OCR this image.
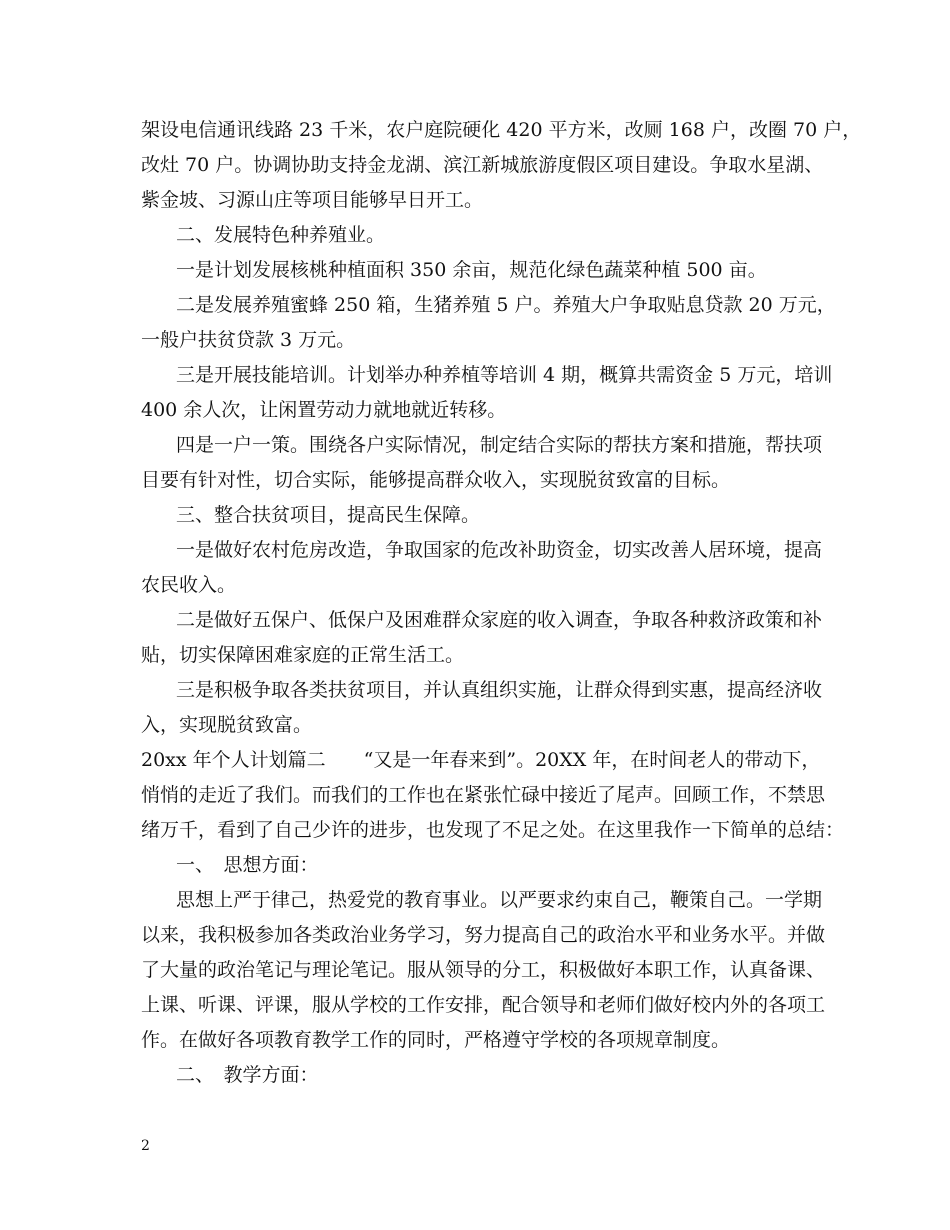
架设电信通讯线路 23 千米，农户庭院硬化 420 平方米，改厕 168 户，改圈 70 户，
改灶 70 户。协调协助支持金龙湖、滨江新城旅游度假区项目建设。争取水星湖、
紫金坡、习源山庄等项目能够早日开工。
二、发展特色种养殖业。
一是计划发展核桃种植面积 350 余亩，规范化绿色蔬菜种植 500 亩。
二是发展养殖蜜蜂 250 箱，生猪养殖 5 户。养殖大户争取贴息贷款 20 万元，
一般户扶贫贷款 3 万元。
三是开展技能培训。计划举办种养植等培训 4 期，概算共需资金 5 万元，培训
400 余人次，让闲置劳动力就地就近转移。
四是一户一策。围绕各户实际情况，制定结合实际的帮扶方案和措施，帮扶项
目要有针对性，切合实际，能够提高群众收入，实现脱贫致富的目标。
三、整合扶贫项目，提高民生保障。
一是做好农村危房改造，争取国家的危改补助资金，切实改善人居环境，提高
农民收入。
二是做好五保户、低保户及困难群众家庭的收入调查，争取各种救济政策和补
贴，切实保障困难家庭的正常生活工。
三是积极争取各类扶贫项目，并认真组织实施，让群众得到实惠，提高经济收
入，实现脱贫致富。
20xx 年个人计划篇二　　“又是一年春来到”。20XX 年，在时间老人的带动下，
悄悄的走近了我们。而我们的工作也在紧张忙碌中接近了尾声。回顾工作，不禁思
绪万千，看到了自己少许的进步，也发现了不足之处。在这里我作一下简单的总结：
一、　思想方面：
思想上严于律己，热爱党的教育事业。以严要求约束自己，鞭策自己。一学期
以来，我积极参加各类政治业务学习，努力提高自己的政治水平和业务水平。并做
了大量的政治笔记与理论笔记。服从领导的分工，积极做好本职工作，认真备课、
上课、听课、评课，服从学校的工作安排，配合领导和老师们做好校内外的各项工
作。在做好各项教育教学工作的同时，严格遵守学校的各项规章制度。
二、　教学方面：
2
